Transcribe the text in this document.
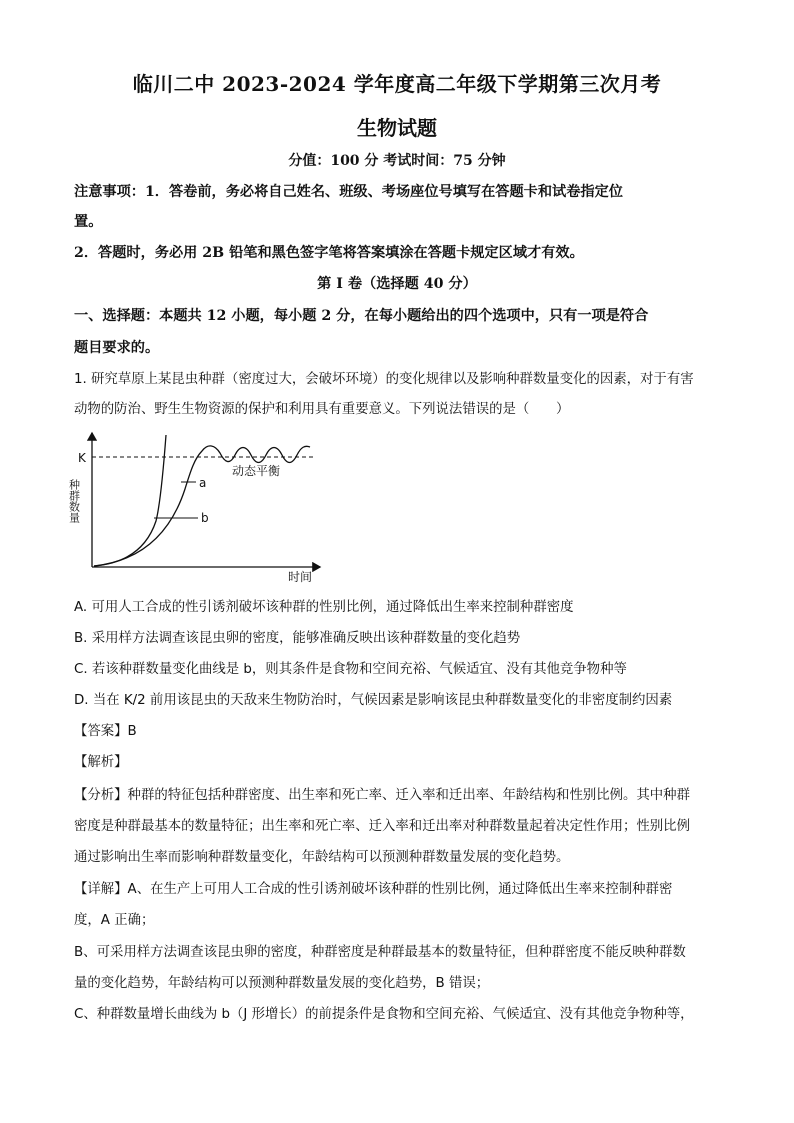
临川二中 2023-2024 学年度高二年级下学期第三次月考
生物试题
分值：100 分 考试时间：75 分钟
注意事项：1．答卷前，务必将自己姓名、班级、考场座位号填写在答题卡和试卷指定位
置。
2．答题时，务必用 2B 铅笔和黑色签字笔将答案填涂在答题卡规定区域才有效。
第 I 卷（选择题 40 分）
一、选择题：本题共 12 小题，每小题 2 分，在每小题给出的四个选项中，只有一项是符合
题目要求的。
1. 研究草原上某昆虫种群（密度过大，会破坏环境）的变化规律以及影响种群数量变化的因素，对于有害
动物的防治、野生生物资源的保护和利用具有重要意义。下列说法错误的是（　　）
K
种群数量
时间
a
b
动态平衡
A. 可用人工合成的性引诱剂破坏该种群的性别比例，通过降低出生率来控制种群密度
B. 采用样方法调查该昆虫卵的密度，能够准确反映出该种群数量的变化趋势
C. 若该种群数量变化曲线是 b，则其条件是食物和空间充裕、气候适宜、没有其他竞争物种等
D. 当在 K/2 前用该昆虫的天敌来生物防治时，气候因素是影响该昆虫种群数量变化的非密度制约因素
【答案】B
【解析】
【分析】种群的特征包括种群密度、出生率和死亡率、迁入率和迁出率、年龄结构和性别比例。其中种群
密度是种群最基本的数量特征；出生率和死亡率、迁入率和迁出率对种群数量起着决定性作用；性别比例
通过影响出生率而影响种群数量变化，年龄结构可以预测种群数量发展的变化趋势。
【详解】A、在生产上可用人工合成的性引诱剂破坏该种群的性别比例，通过降低出生率来控制种群密
度，A 正确；
B、可采用样方法调查该昆虫卵的密度，种群密度是种群最基本的数量特征，但种群密度不能反映种群数
量的变化趋势，年龄结构可以预测种群数量发展的变化趋势，B 错误；
C、种群数量增长曲线为 b（J 形增长）的前提条件是食物和空间充裕、气候适宜、没有其他竞争物种等，
